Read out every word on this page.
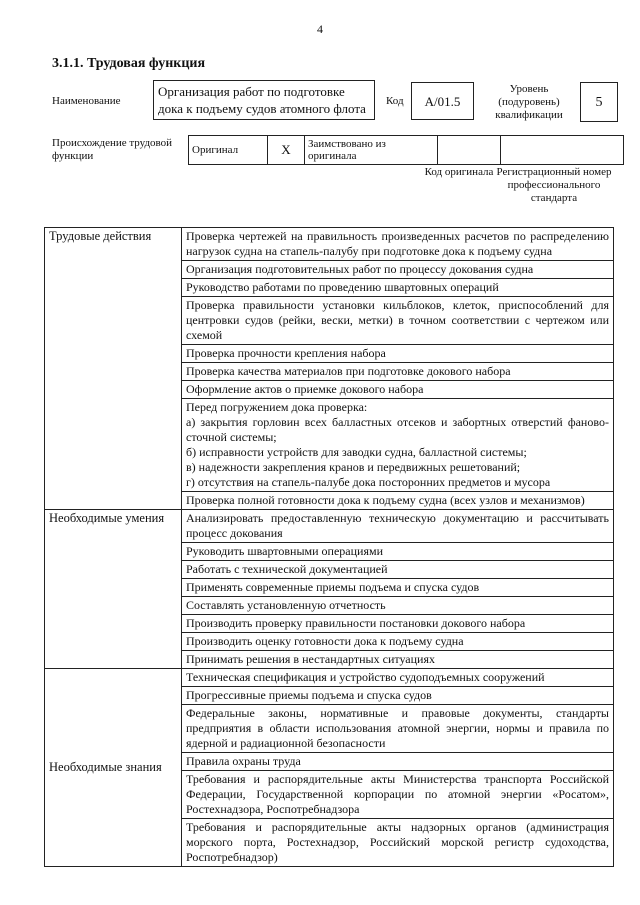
4
3.1.1. Трудовая функция
Наименование
Организация работ по подготовке дока к подъему судов атомного флота	Код	A/01.5
Уровень (подуровень) квалификации
5
Происхождение трудовой функции	Оригинал	X	Заимствовано из оригинала		
Код оригинала Регистрационный номер профессионального стандарта
Трудовые действия	Проверка чертежей на правильность произведенных расчетов по распределению нагрузок судна на стапель-палубу при подготовке дока к подъему судна
	Организация подготовительных работ по процессу докования судна
	Руководство работами по проведению швартовных операций
	Проверка правильности установки кильблоков, клеток, приспособлений для центровки судов (рейки, вески, метки) в точном соответствии с чертежом или схемой
	Проверка прочности крепления набора
	Проверка качества материалов при подготовке докового набора
	Оформление актов о приемке докового набора
	Перед погружением дока проверка:
а) закрытия горловин всех балластных отсеков и забортных отверстий фановo-сточной системы;
б) исправности устройств для заводки судна, балластной системы;
в) надежности закрепления кранов и передвижных решетований;
г) отсутствия на стапель-палубе дока посторонних предметов и мусора
	Проверка полной готовности дока к подъему судна (всех узлов и механизмов)
Необходимые умения	Анализировать предоставленную техническую документацию и рассчитывать процесс докования
	Руководить швартовными операциями
	Работать с технической документацией
	Применять современные приемы подъема и спуска судов
	Составлять установленную отчетность
	Производить проверку правильности постановки докового набора
	Производить оценку готовности дока к подъему судна
	Принимать решения в нестандартных ситуациях
Необходимые знания	Техническая спецификация и устройство судоподъемных сооружений
	Прогрессивные приемы подъема и спуска судов
	Федеральные законы, нормативные и правовые документы, стандарты предприятия в области использования атомной энергии, нормы и правила по ядерной и радиационной безопасности
	Правила охраны труда
	Требования и распорядительные акты Министерства транспорта Российской Федерации, Государственной корпорации по атомной энергии «Росатом», Ростехнадзора, Роспотребнадзора
	Требования и распорядительные акты надзорных органов (администрация морского порта, Ростехнадзор, Российский морской регистр судоходства, Роспотребнадзор)
